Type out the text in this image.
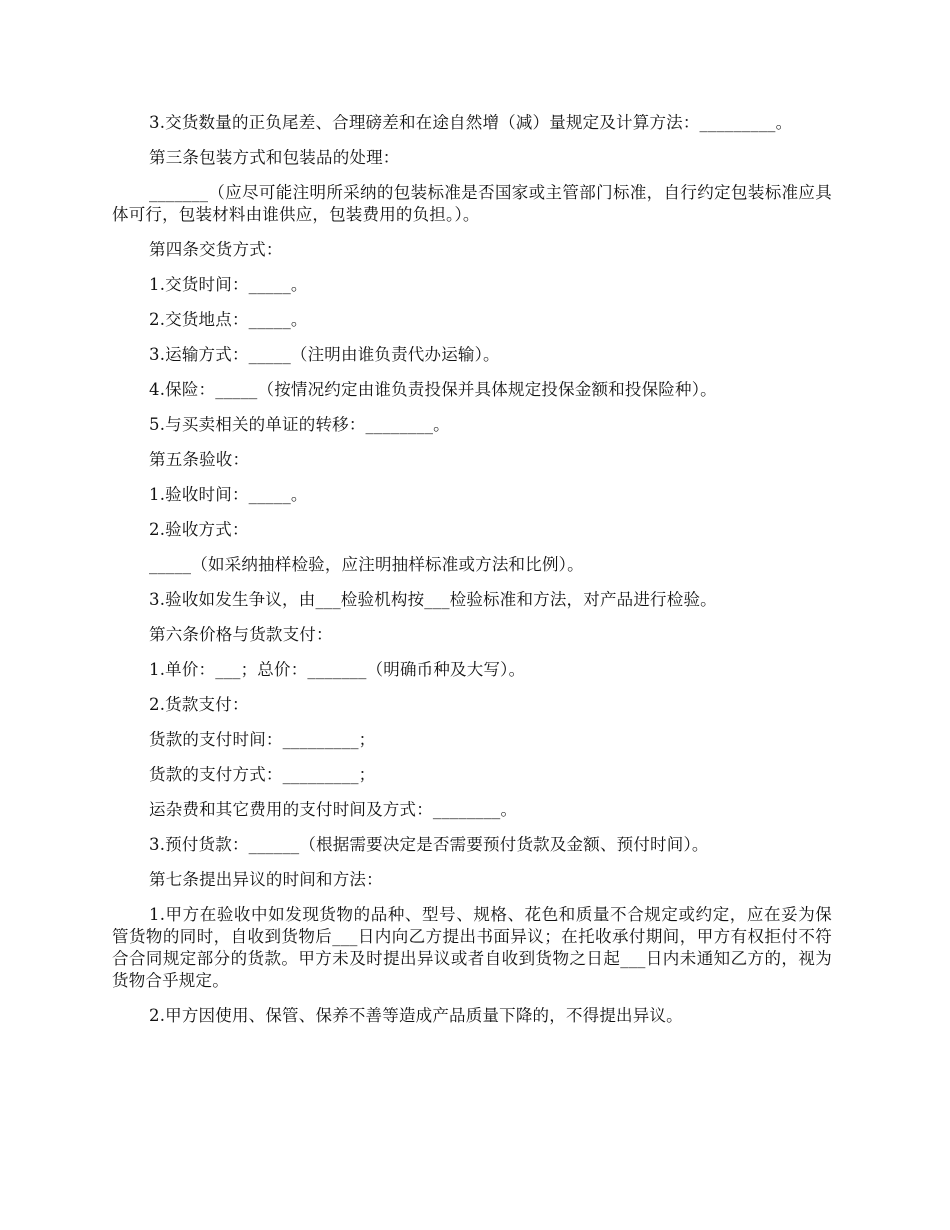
3.交货数量的正负尾差、合理磅差和在途自然增（减）量规定及计算方法：_________。

第三条包装方式和包装品的处理：

_______（应尽可能注明所采纳的包装标准是否国家或主管部门标准，自行约定包装标准应具体可行，包装材料由谁供应，包装费用的负担。）。

第四条交货方式：

1.交货时间：_____。

2.交货地点：_____。

3.运输方式：_____（注明由谁负责代办运输）。

4.保险：_____（按情况约定由谁负责投保并具体规定投保金额和投保险种）。

5.与买卖相关的单证的转移：________。

第五条验收：

1.验收时间：_____。

2.验收方式：

_____（如采纳抽样检验，应注明抽样标准或方法和比例）。

3.验收如发生争议，由___检验机构按___检验标准和方法，对产品进行检验。

第六条价格与货款支付：

1.单价：___；总价：_______（明确币种及大写）。

2.货款支付：

货款的支付时间：_________；

货款的支付方式：_________；

运杂费和其它费用的支付时间及方式：________。

3.预付货款：______（根据需要决定是否需要预付货款及金额、预付时间）。

第七条提出异议的时间和方法：

1.甲方在验收中如发现货物的品种、型号、规格、花色和质量不合规定或约定，应在妥为保管货物的同时，自收到货物后___日内向乙方提出书面异议；在托收承付期间，甲方有权拒付不符合合同规定部分的货款。甲方未及时提出异议或者自收到货物之日起___日内未通知乙方的，视为货物合乎规定。

2.甲方因使用、保管、保养不善等造成产品质量下降的，不得提出异议。
